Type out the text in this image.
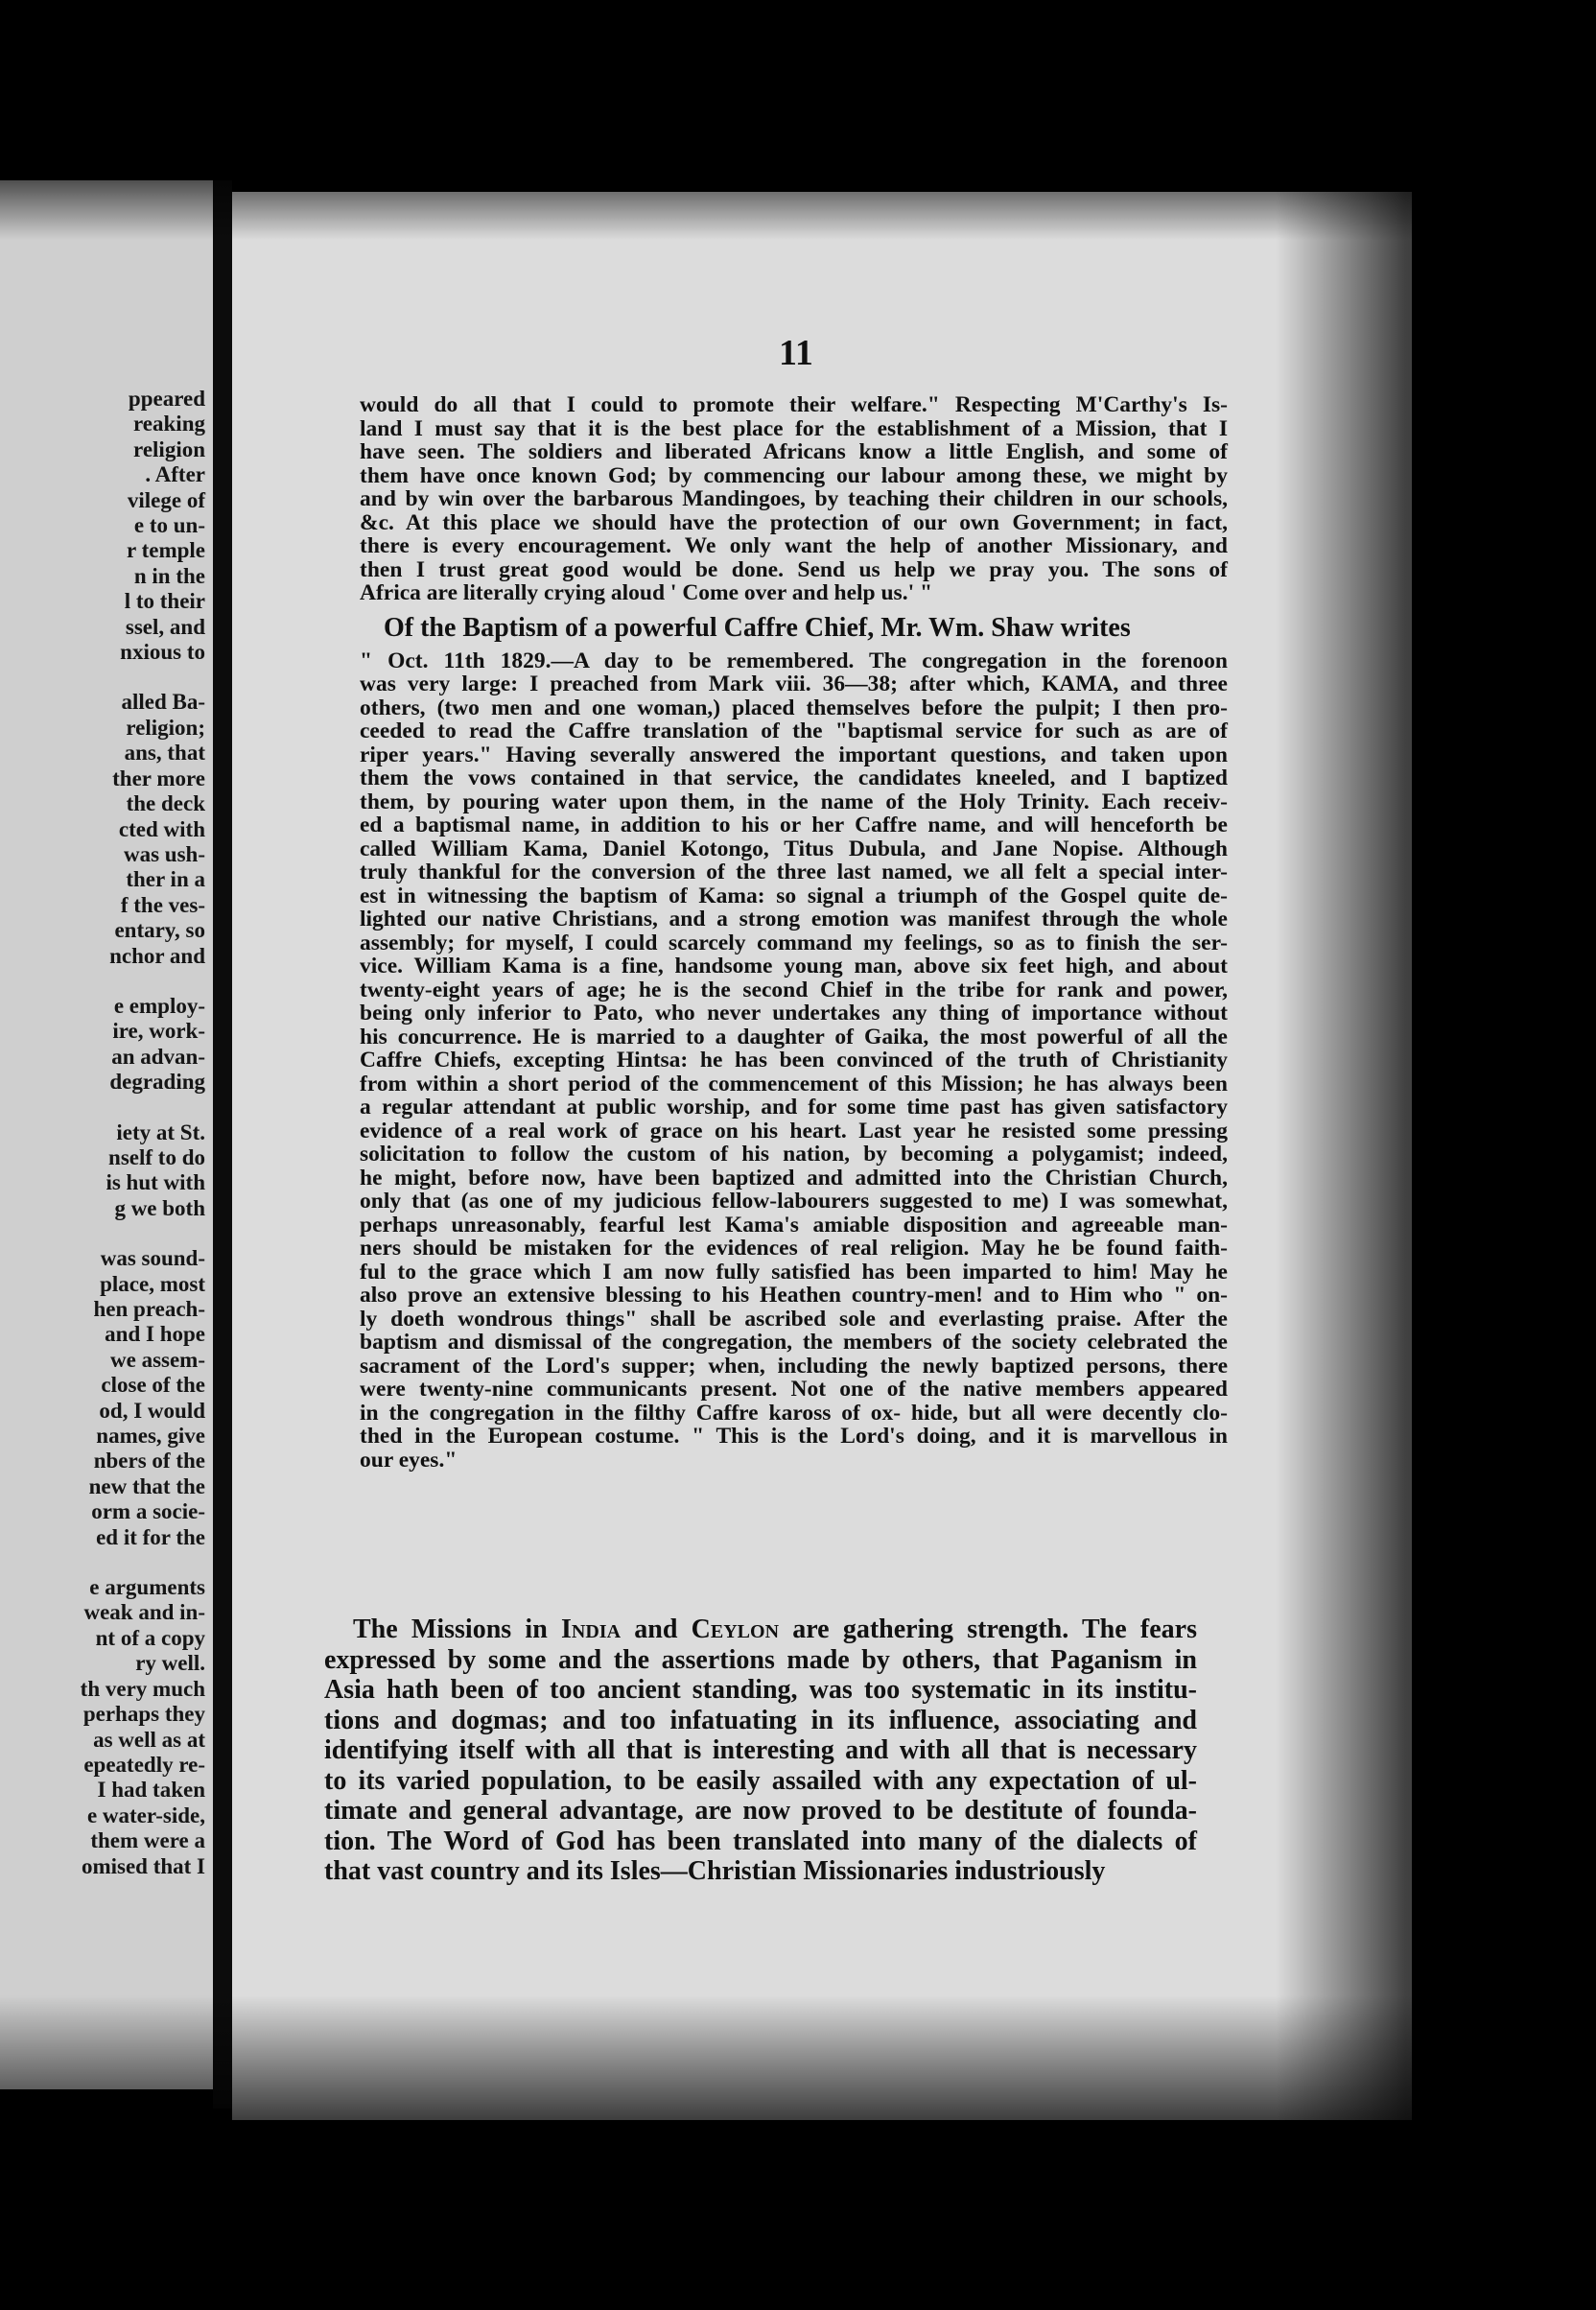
ppeared
reaking
religion
. After
vilege of
e to un-
r temple
n in the
l to their
ssel, and
nxious to
alled Ba-
religion;
ans, that
ther more
the deck
cted with
was ush-
ther in a
f the ves-
entary, so
nchor and
e employ-
ire, work-
an advan-
degrading
iety at St.
nself to do
is hut with
g we both
was sound-
place, most
hen preach-
and I hope
we assem-
close of the
od, I would
names, give
nbers of the
new that the
orm a socie-
ed it for the
e arguments
weak and in-
nt of a copy
ry well.
th very much
perhaps they
as well as at
epeatedly re-
I had taken
e water-side,
them were a
omised that I
11
would do all that I could to promote their welfare." Respecting M'Carthy's Is-
land I must say that it is the best place for the establishment of a Mission, that I
have seen. The soldiers and liberated Africans know a little English, and some of
them have once known God; by commencing our labour among these, we might by
and by win over the barbarous Mandingoes, by teaching their children in our schools,
&c. At this place we should have the protection of our own Government; in fact,
there is every encouragement. We only want the help of another Missionary, and
then I trust great good would be done. Send us help we pray you. The sons of
Africa are literally crying aloud ' Come over and help us.' "
Of the Baptism of a powerful Caffre Chief, Mr. Wm. Shaw writes
" Oct. 11th 1829.—A day to be remembered. The congregation in the forenoon
was very large: I preached from Mark viii. 36—38; after which, KAMA, and three
others, (two men and one woman,) placed themselves before the pulpit; I then pro-
ceeded to read the Caffre translation of the "baptismal service for such as are of
riper years." Having severally answered the important questions, and taken upon
them the vows contained in that service, the candidates kneeled, and I baptized
them, by pouring water upon them, in the name of the Holy Trinity. Each receiv-
ed a baptismal name, in addition to his or her Caffre name, and will henceforth be
called William Kama, Daniel Kotongo, Titus Dubula, and Jane Nopise. Although
truly thankful for the conversion of the three last named, we all felt a special inter-
est in witnessing the baptism of Kama: so signal a triumph of the Gospel quite de-
lighted our native Christians, and a strong emotion was manifest through the whole
assembly; for myself, I could scarcely command my feelings, so as to finish the ser-
vice. William Kama is a fine, handsome young man, above six feet high, and about
twenty-eight years of age; he is the second Chief in the tribe for rank and power,
being only inferior to Pato, who never undertakes any thing of importance without
his concurrence. He is married to a daughter of Gaika, the most powerful of all the
Caffre Chiefs, excepting Hintsa: he has been convinced of the truth of Christianity
from within a short period of the commencement of this Mission; he has always been
a regular attendant at public worship, and for some time past has given satisfactory
evidence of a real work of grace on his heart. Last year he resisted some pressing
solicitation to follow the custom of his nation, by becoming a polygamist; indeed,
he might, before now, have been baptized and admitted into the Christian Church,
only that (as one of my judicious fellow-labourers suggested to me) I was somewhat,
perhaps unreasonably, fearful lest Kama's amiable disposition and agreeable man-
ners should be mistaken for the evidences of real religion. May he be found faith-
ful to the grace which I am now fully satisfied has been imparted to him! May he
also prove an extensive blessing to his Heathen country-men! and to Him who " on-
ly doeth wondrous things" shall be ascribed sole and everlasting praise. After the
baptism and dismissal of the congregation, the members of the society celebrated the
sacrament of the Lord's supper; when, including the newly baptized persons, there
were twenty-nine communicants present. Not one of the native members appeared
in the congregation in the filthy Caffre kaross of ox- hide, but all were decently clo-
thed in the European costume. " This is the Lord's doing, and it is marvellous in
our eyes."
The Missions in India and Ceylon are gathering strength. The fears
expressed by some and the assertions made by others, that Paganism in
Asia hath been of too ancient standing, was too systematic in its institu-
tions and dogmas; and too infatuating in its influence, associating and
identifying itself with all that is interesting and with all that is necessary
to its varied population, to be easily assailed with any expectation of ul-
timate and general advantage, are now proved to be destitute of founda-
tion. The Word of God has been translated into many of the dialects of
that vast country and its Isles—Christian Missionaries industriously
